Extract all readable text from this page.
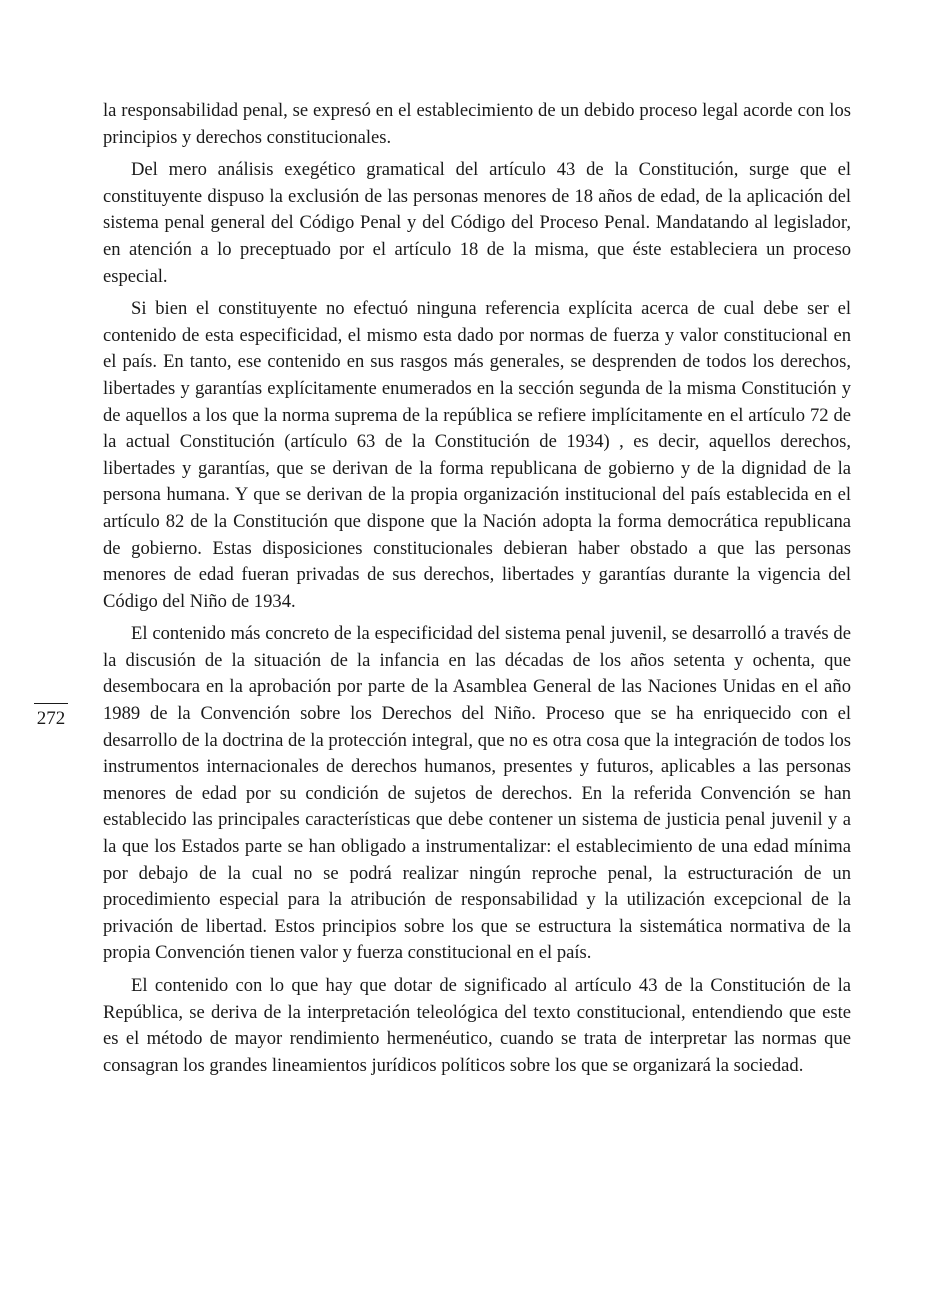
la responsabilidad penal, se expresó en el establecimiento de un debido proceso legal acorde con los principios y derechos constitucionales.

Del mero análisis exegético gramatical del artículo 43 de la Constitución, surge que el constituyente dispuso la exclusión de las personas menores de 18 años de edad, de la aplicación del sistema penal general del Código Penal y del Código del Proceso Penal. Mandatando al legislador, en atención a lo preceptuado por el artículo 18 de la misma, que éste estableciera un proceso especial.

Si bien el constituyente no efectuó ninguna referencia explícita acerca de cual debe ser el contenido de esta especificidad, el mismo esta dado por normas de fuerza y valor constitucional en el país. En tanto, ese contenido en sus rasgos más generales, se desprenden de todos los derechos, libertades y garantías explícitamente enumerados en la sección segunda de la misma Constitución y de aquellos a los que la norma suprema de la república se refiere implícitamente en el artículo 72 de la actual Constitución (artículo 63 de la Constitución de 1934) , es decir, aquellos derechos, libertades y garantías, que se derivan de la forma republicana de gobierno y de la dignidad de la persona humana. Y que se derivan de la propia organización institucional del país establecida en el artículo 82 de la Constitución que dispone que la Nación adopta la forma democrática republicana de gobierno. Estas disposiciones constitucionales debieran haber obstado a que las personas menores de edad fueran privadas de sus derechos, libertades y garantías durante la vigencia del Código del Niño de 1934.

El contenido más concreto de la especificidad del sistema penal juvenil, se desarrolló a través de la discusión de la situación de la infancia en las décadas de los años setenta y ochenta, que desembocara en la aprobación por parte de la Asamblea General de las Naciones Unidas en el año 1989 de la Convención sobre los Derechos del Niño. Proceso que se ha enriquecido con el desarrollo de la doctrina de la protección integral, que no es otra cosa que la integración de todos los instrumentos internacionales de derechos humanos, presentes y futuros, aplicables a las personas menores de edad por su condición de sujetos de derechos. En la referida Convención se han establecido las principales características que debe contener un sistema de justicia penal juvenil y a la que los Estados parte se han obligado a instrumentalizar: el establecimiento de una edad mínima por debajo de la cual no se podrá realizar ningún reproche penal, la estructuración de un procedimiento especial para la atribución de responsabilidad y la utilización excepcional de la privación de libertad. Estos principios sobre los que se estructura la sistemática normativa de la propia Convención tienen valor y fuerza constitucional en el país.

El contenido con lo que hay que dotar de significado al artículo 43 de la Constitución de la República, se deriva de la interpretación teleológica del texto constitucional, entendiendo que este es el método de mayor rendimiento hermenéutico, cuando se trata de interpretar las normas que consagran los grandes lineamientos jurídicos políticos sobre los que se organizará la sociedad.

272
